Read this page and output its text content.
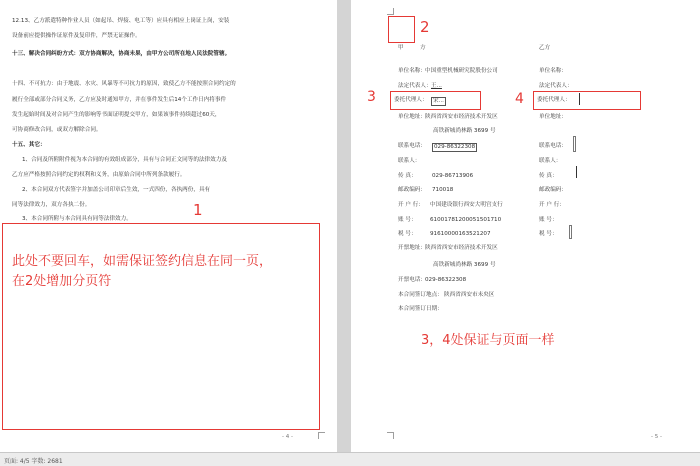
12.13、乙方派遣特种作业人员（如起吊、焊接、电工等）应具有相应上岗证上岗，安装
设备前应提供操作证原件及复印件，严禁无证操作。
十三、解决合同纠纷方式：双方协商解决，协商未果，由甲方公司所在地人民法院管辖。
十四、不可抗力：由于地震、水灾、风暴等不可抗力的原因，致使乙方不能按照合同约定的
履行全部或部分合同义务，乙方应及时通知甲方，并在事件发生后14个工作日内将事件
发生起始时间及对合同产生的影响等书面证明提交甲方，如果该事件持续超过60天，
可协商修改合同，或双方解除合同。
十五、其它：
1、合同及所附附件视为本合同的有效组成部分，具有与合同正文同等的法律效力及
乙方应严格按照合同约定的权利和义务，由原始合同中所列条款履行。
2、本合同双方代表签字并加盖公司印章后生效，一式四份，各执两份，具有
同等法律效力，双方各执二份。
3、本合同所附与本合同具有同等法律效力。	1
此处不要回车，如需保证签约信息在同一页，
在2处增加分页符
- 4 -
2
甲	方	乙方
单位名称： 中国重型机械研究院股份公司	单位名称：
法定代表人： 王...	法定代表人：
3	委托代理人： 宋...	4 委托代理人：
单位地址： 陕西省西安市经济技术开发区	单位地址：
高铁新城尚林路 3699 号
联系电话：	029-86322308	联系电话：
联系人：	联系人：
传 真：	029-86713906	传 真：
邮政编码： 710018	邮政编码：
开 户 行： 中国建设银行西安大明宫支行	开 户 行：
账 号： 61001781200051501710	账 号：
税 号： 91610000163521207	税 号：
开票地址： 陕西省西安市经济技术开发区
高铁新城尚林路 3699 号
开票电话： 029-86322308
本合同签订地点： 陕西省西安市未央区
本合同签订日期：
3，4处保证与页面一样
- 5 -
页面: 4/5 字数: 2681
